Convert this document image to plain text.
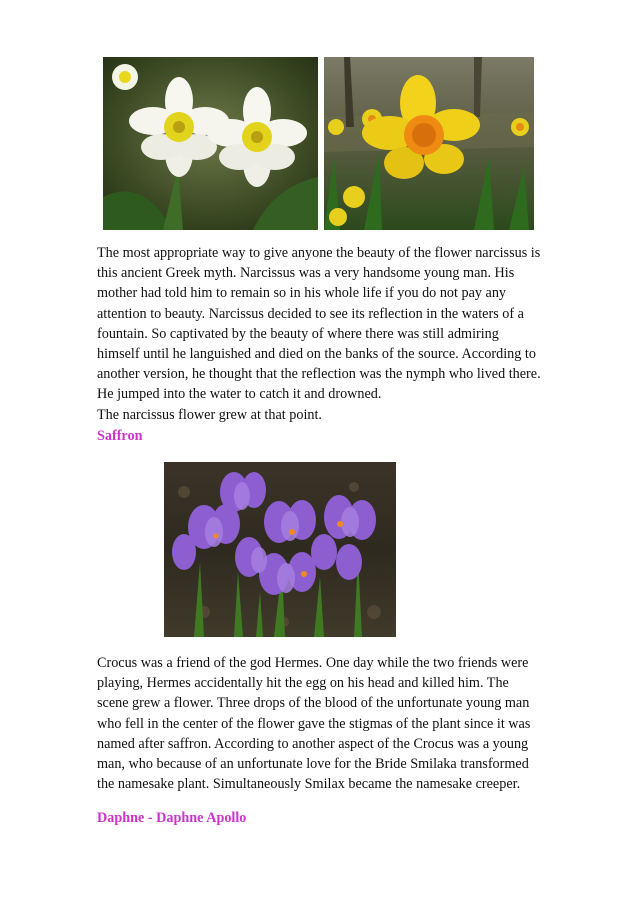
The most appropriate way to give anyone the beauty of the flower narcissus is
this ancient Greek myth. Narcissus was a very handsome young man. His
mother had told him to remain so in his whole life if you do not pay any
attention to beauty. Narcissus decided to see its reflection in the waters of a
fountain. So captivated by the beauty of where there was still admiring
himself until he languished and died on the banks of the source. According to
another version, he thought that the reflection was the nymph who lived there.
He jumped into the water to catch it and drowned.
The narcissus flower grew at that point.

Saffron

Crocus was a friend of the god Hermes. One day while the two friends were
playing, Hermes accidentally hit the egg on his head and killed him. The
scene grew a flower. Three drops of the blood of the unfortunate young man
who fell in the center of the flower gave the stigmas of the plant since it was
named after saffron. According to another aspect of the Crocus was a young
man, who because of an unfortunate love for the Bride Smilaka transformed
the namesake plant. Simultaneously Smilax became the namesake creeper.

Daphne - Daphne Apollo
